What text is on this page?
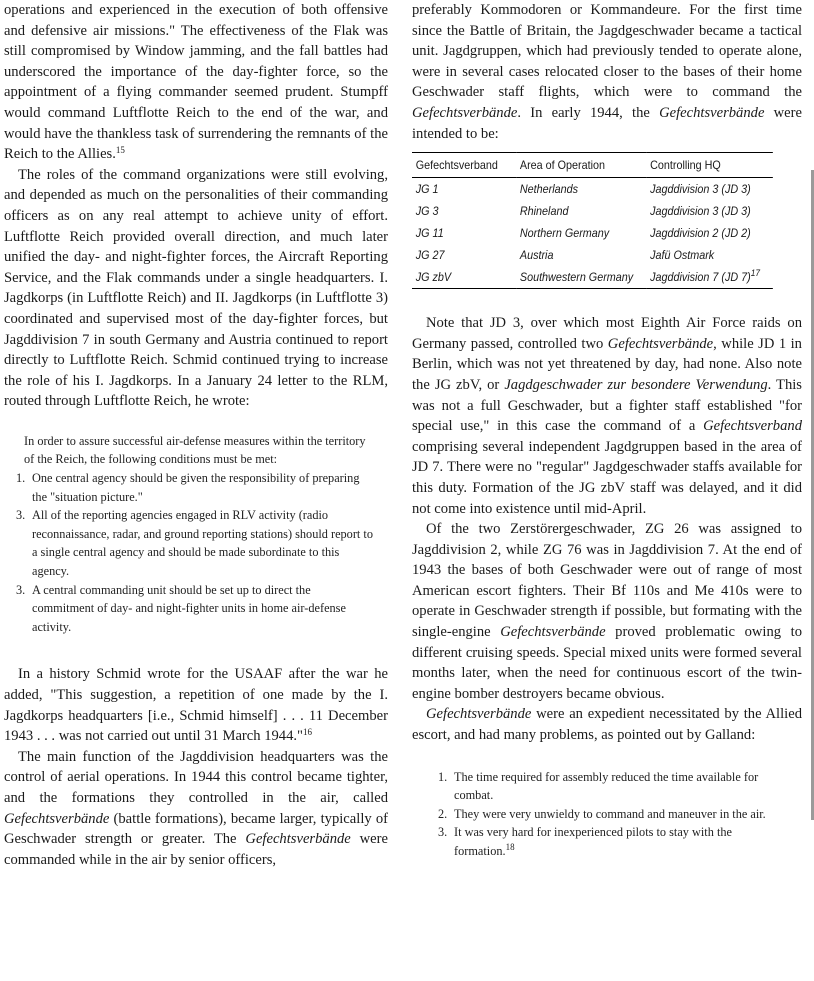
operations and experienced in the execution of both offensive and defensive air missions." The effectiveness of the Flak was still compromised by Window jamming, and the fall battles had underscored the importance of the day-fighter force, so the appointment of a flying commander seemed prudent. Stumpff would command Luftflotte Reich to the end of the war, and would have the thankless task of surrendering the remnants of the Reich to the Allies.$^{15}$

The roles of the command organizations were still evolving, and depended as much on the personalities of their commanding officers as on any real attempt to achieve unity of effort. Luftflotte Reich provided overall direction, and much later unified the day- and night-fighter forces, the Aircraft Reporting Service, and the Flak commands under a single headquarters. I. Jagdkorps (in Luftflotte Reich) and II. Jagdkorps (in Luftflotte 3) coordinated and supervised most of the day-fighter forces, but Jagddivision 7 in south Germany and Austria continued to report directly to Luftflotte Reich. Schmid continued trying to increase the role of his I. Jagdkorps. In a January 24 letter to the RLM, routed through Luftflotte Reich, he wrote:

In order to assure successful air-defense measures within the territory of the Reich, the following conditions must be met:

1. One central agency should be given the responsibility of preparing the "situation picture."
3. All of the reporting agencies engaged in RLV activity (radio reconnaissance, radar, and ground reporting stations) should report to a single central agency and should be made subordinate to this agency.
3. A central commanding unit should be set up to direct the commitment of day- and night-fighter units in home air-defense activity.

In a history Schmid wrote for the USAAF after the war he added, "This suggestion, a repetition of one made by the I. Jagdkorps headquarters [i.e., Schmid himself] . . . 11 December 1943 . . . was not carried out until 31 March 1944."$^{16}$

The main function of the Jagddivision headquarters was the control of aerial operations. In 1944 this control became tighter, and the formations they controlled in the air, called Gefechtsverbände (battle formations), became larger, typically of Geschwader strength or greater. The Gefechtsverbände were commanded while in the air by senior officers,

preferably Kommodoren or Kommandeure. For the first time since the Battle of Britain, the Jagdgeschwader became a tactical unit. Jagdgruppen, which had previously tended to operate alone, were in several cases relocated closer to the bases of their home Geschwader staff flights, which were to command the Gefechtsverbände. In early 1944, the Gefechtsverbände were intended to be:

Gefechtsverband	Area of Operation	Controlling HQ
JG 1	Netherlands	Jagddivision 3 (JD 3)
JG 3	Rhineland	Jagddivision 3 (JD 3)
JG 11	Northern Germany	Jagddivision 2 (JD 2)
JG 27	Austria	Jafü Ostmark
JG zbV	Southwestern Germany	Jagddivision 7 (JD 7)$^{17}$

Note that JD 3, over which most Eighth Air Force raids on Germany passed, controlled two Gefechtsverbände, while JD 1 in Berlin, which was not yet threatened by day, had none. Also note the JG zbV, or Jagdgeschwader zur besondere Verwendung. This was not a full Geschwader, but a fighter staff established "for special use," in this case the command of a Gefechtsverband comprising several independent Jagdgruppen based in the area of JD 7. There were no "regular" Jagdgeschwader staffs available for this duty. Formation of the JG zbV staff was delayed, and it did not come into existence until mid-April.

Of the two Zerstörergeschwader, ZG 26 was assigned to Jagddivision 2, while ZG 76 was in Jagddivision 7. At the end of 1943 the bases of both Geschwader were out of range of most American escort fighters. Their Bf 110s and Me 410s were to operate in Geschwader strength if possible, but formating with the single-engine Gefechtsverbände proved problematic owing to different cruising speeds. Special mixed units were formed several months later, when the need for continuous escort of the twin-engine bomber destroyers became obvious.

Gefechtsverbände were an expedient necessitated by the Allied escort, and had many problems, as pointed out by Galland:

1. The time required for assembly reduced the time available for combat.
2. They were very unwieldy to command and maneuver in the air.
3. It was very hard for inexperienced pilots to stay with the formation.$^{18}$
